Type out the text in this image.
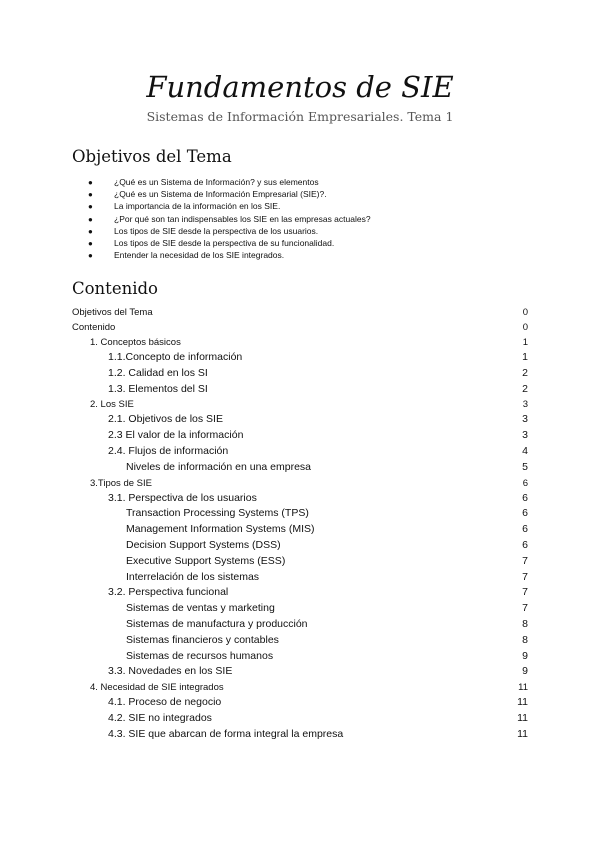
Fundamentos de SIE
Sistemas de Información Empresariales. Tema 1
Objetivos del Tema
● ¿Qué es un Sistema de Información? y sus elementos
● ¿Qué es un Sistema de Información Empresarial (SIE)?.
● La importancia de la información en los SIE.
● ¿Por qué son tan indispensables los SIE en las empresas actuales?
● Los tipos de SIE desde la perspectiva de los usuarios.
● Los tipos de SIE desde la perspectiva de su funcionalidad.
● Entender la necesidad de los SIE integrados.
Contenido
Objetivos del Tema	0
Contenido	0
1. Conceptos básicos	1
1.1.Concepto de información	1
1.2. Calidad en los SI	2
1.3. Elementos del SI	2
2. Los SIE	3
2.1. Objetivos de los SIE	3
2.3 El valor de la información	3
2.4. Flujos de información	4
Niveles de información en una empresa	5
3.Tipos de SIE	6
3.1. Perspectiva de los usuarios	6
Transaction Processing Systems (TPS)	6
Management Information Systems (MIS)	6
Decision Support Systems (DSS)	6
Executive Support Systems (ESS)	7
Interrelación de los sistemas	7
3.2. Perspectiva funcional	7
Sistemas de ventas y marketing	7
Sistemas de manufactura y producción	8
Sistemas financieros y contables	8
Sistemas de recursos humanos	9
3.3. Novedades en los SIE	9
4. Necesidad de SIE integrados	11
4.1. Proceso de negocio	11
4.2. SIE no integrados	11
4.3. SIE que abarcan de forma integral la empresa	11
